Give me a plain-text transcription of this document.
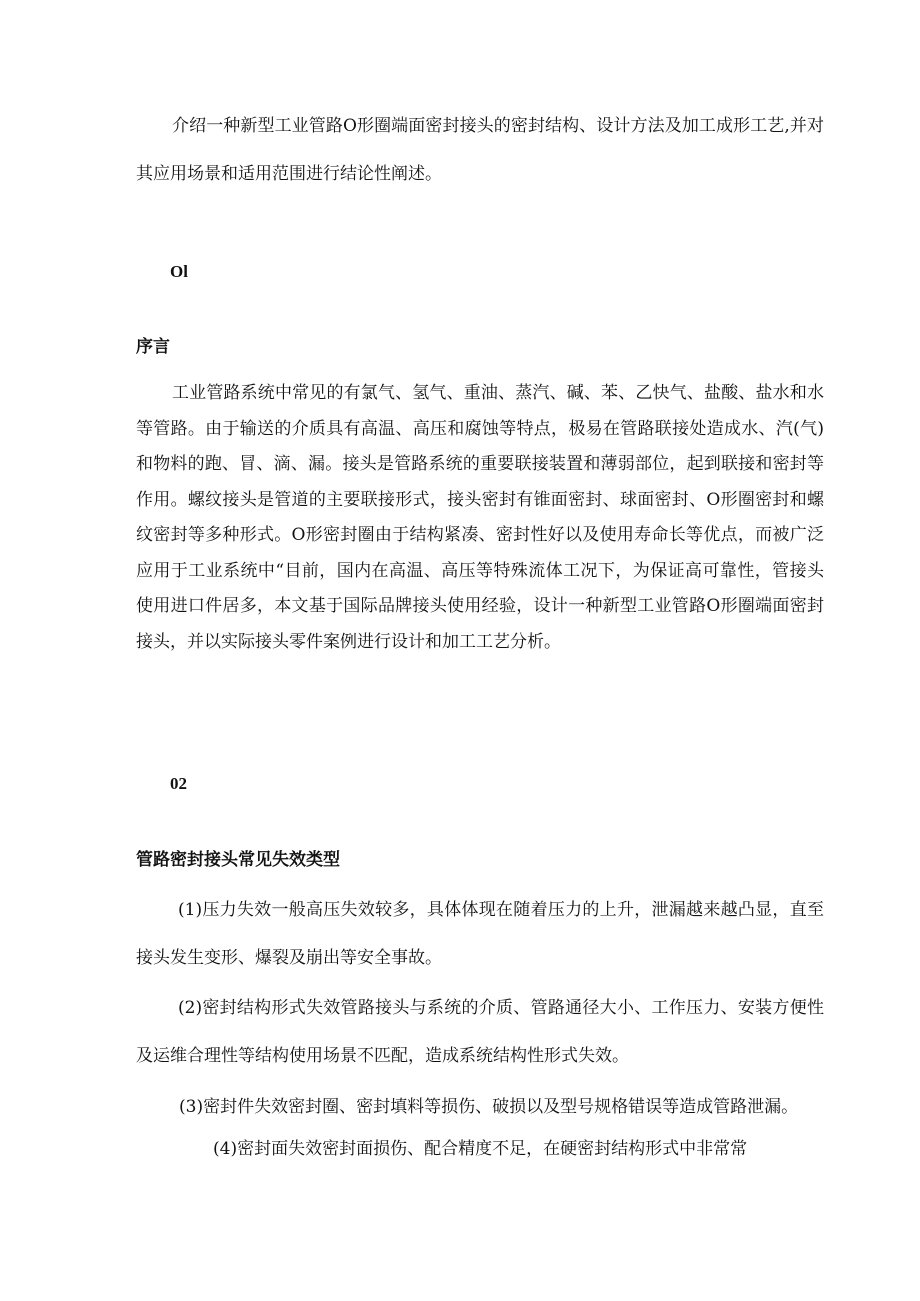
介绍一种新型工业管路O形圈端面密封接头的密封结构、设计方法及加工成形工艺,并对其应用场景和适用范围进行结论性阐述。
Ol
序言
工业管路系统中常见的有氯气、氢气、重油、蒸汽、碱、苯、乙快气、盐酸、盐水和水等管路。由于输送的介质具有高温、高压和腐蚀等特点，极易在管路联接处造成水、汽(气)和物料的跑、冒、滴、漏。接头是管路系统的重要联接装置和薄弱部位，起到联接和密封等作用。螺纹接头是管道的主要联接形式，接头密封有锥面密封、球面密封、O形圈密封和螺纹密封等多种形式。O形密封圈由于结构紧凑、密封性好以及使用寿命长等优点，而被广泛应用于工业系统中“目前，国内在高温、高压等特殊流体工况下，为保证高可靠性，管接头使用进口件居多，本文基于国际品牌接头使用经验，设计一种新型工业管路O形圈端面密封接头，并以实际接头零件案例进行设计和加工工艺分析。
02
管路密封接头常见失效类型
(1)压力失效一般高压失效较多，具体体现在随着压力的上升，泄漏越来越凸显，直至接头发生变形、爆裂及崩出等安全事故。
(2)密封结构形式失效管路接头与系统的介质、管路通径大小、工作压力、安装方便性及运维合理性等结构使用场景不匹配，造成系统结构性形式失效。
(3)密封件失效密封圈、密封填料等损伤、破损以及型号规格错误等造成管路泄漏。
(4)密封面失效密封面损伤、配合精度不足，在硬密封结构形式中非常常
